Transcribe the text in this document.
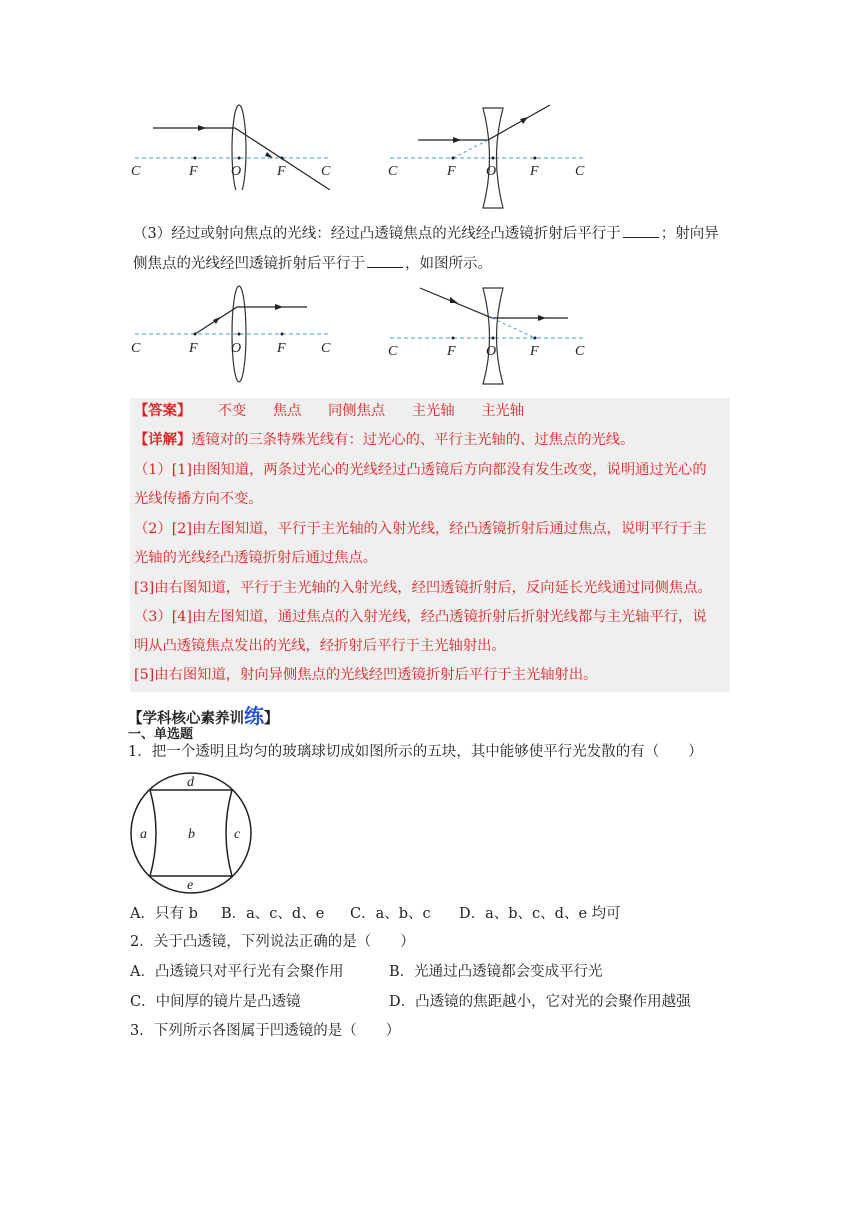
C	F O	F	C	C	F O F	C
（3）经过或射向焦点的光线：经过凸透镜焦点的光线经凸透镜折射后平行于	；射向异
侧焦点的光线经凹透镜折射后平行于	，如图所示。
C	F O	F	C	C	F O F	C
【答案】 不变 焦点 同侧焦点 主光轴 主光轴
【详解】透镜对的三条特殊光线有：过光心的、平行主光轴的、过焦点的光线。
（1）[1]由图知道，两条过光心的光线经过凸透镜后方向都没有发生改变，说明通过光心的
光线传播方向不变。
（2）[2]由左图知道，平行于主光轴的入射光线，经凸透镜折射后通过焦点，说明平行于主
光轴的光线经凸透镜折射后通过焦点。
[3]由右图知道，平行于主光轴的入射光线，经凹透镜折射后，反向延长光线通过同侧焦点。
（3）[4]由左图知道，通过焦点的入射光线，经凸透镜折射后折射光线都与主光轴平行，说
明从凸透镜焦点发出的光线，经折射后平行于主光轴射出。
[5]由右图知道，射向异侧焦点的光线经凹透镜折射后平行于主光轴射出。
【学科核心素养训练】
一、单选题
1．把一个透明且均匀的玻璃球切成如图所示的五块，其中能够使平行光发散的有（　　）
d
a	b	c
e
A．只有 b B．a、c、d、e C．a、b、c D．a、b、c、d、e 均可
2．关于凸透镜，下列说法正确的是（　　）
A．凸透镜只对平行光有会聚作用	B．光通过凸透镜都会变成平行光
C．中间厚的镜片是凸透镜	D．凸透镜的焦距越小，它对光的会聚作用越强
3．下列所示各图属于凹透镜的是（　　）
